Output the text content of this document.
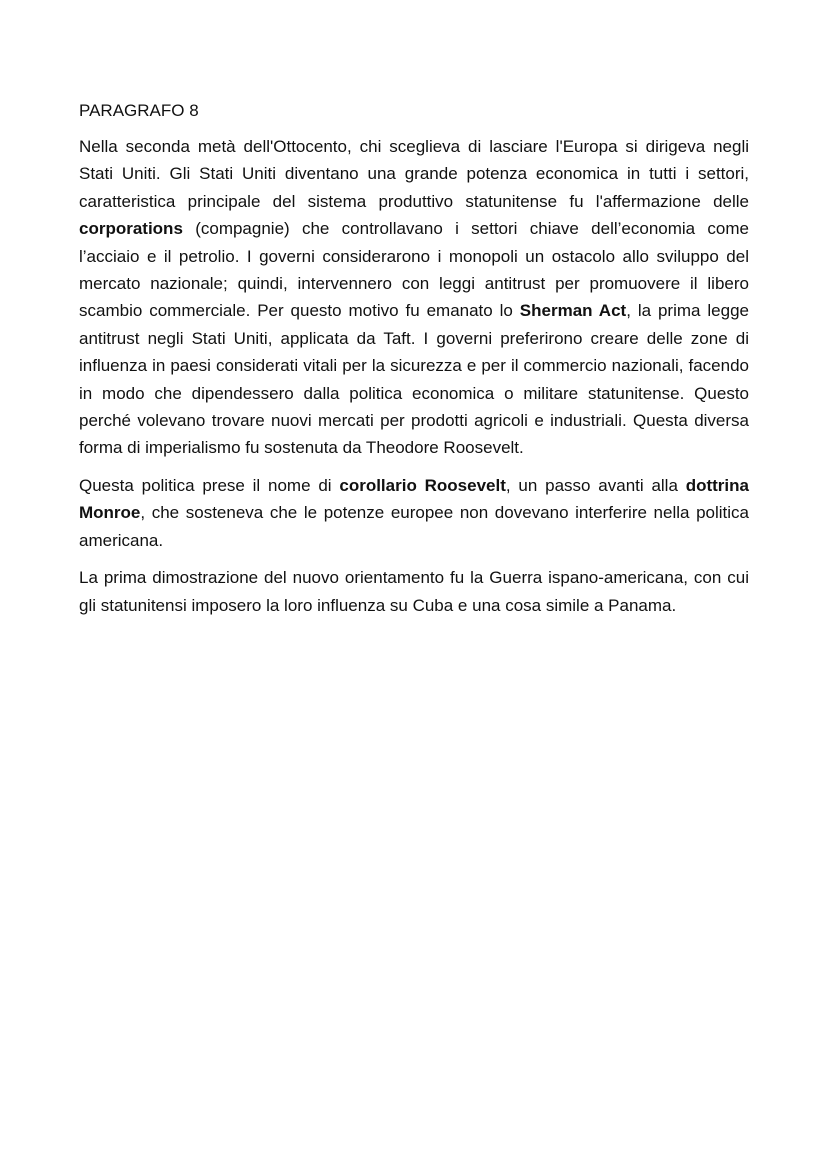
PARAGRAFO 8

Nella seconda metà dell'Ottocento, chi sceglieva di lasciare l'Europa si dirigeva negli Stati Uniti. Gli Stati Uniti diventano una grande potenza economica in tutti i settori, caratteristica principale del sistema produttivo statunitense fu l'affermazione delle corporations (compagnie) che controllavano i settori chiave dell’economia come l’acciaio e il petrolio. I governi considerarono i monopoli un ostacolo allo sviluppo del mercato nazionale; quindi, intervennero con leggi antitrust per promuovere il libero scambio commerciale. Per questo motivo fu emanato lo Sherman Act, la prima legge antitrust negli Stati Uniti, applicata da Taft. I governi preferirono creare delle zone di influenza in paesi considerati vitali per la sicurezza e per il commercio nazionali, facendo in modo che dipendessero dalla politica economica o militare statunitense. Questo perché volevano trovare nuovi mercati per prodotti agricoli e industriali. Questa diversa forma di imperialismo fu sostenuta da Theodore Roosevelt.

Questa politica prese il nome di corollario Roosevelt, un passo avanti alla dottrina Monroe, che sosteneva che le potenze europee non dovevano interferire nella politica americana.

La prima dimostrazione del nuovo orientamento fu la Guerra ispano-americana, con cui gli statunitensi imposero la loro influenza su Cuba e una cosa simile a Panama.
